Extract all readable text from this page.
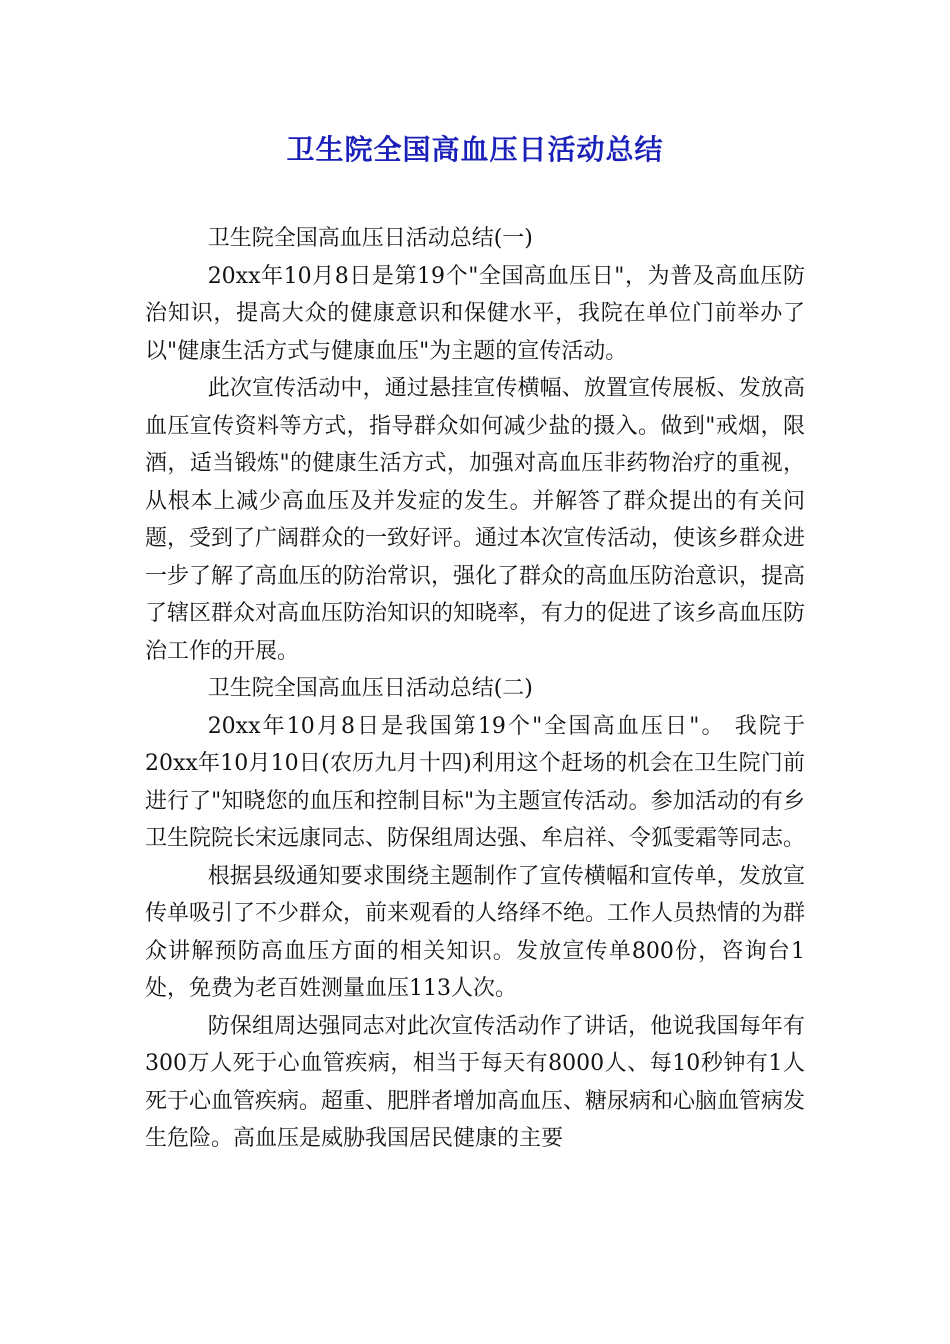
卫生院全国高血压日活动总结

卫生院全国高血压日活动总结(一)

20xx年10月8日是第19个"全国高血压日"，为普及高血压防治知识，提高大众的健康意识和保健水平，我院在单位门前举办了以"健康生活方式与健康血压"为主题的宣传活动。

此次宣传活动中，通过悬挂宣传横幅、放置宣传展板、发放高血压宣传资料等方式，指导群众如何减少盐的摄入。做到"戒烟，限酒，适当锻炼"的健康生活方式，加强对高血压非药物治疗的重视，从根本上减少高血压及并发症的发生。并解答了群众提出的有关问题，受到了广阔群众的一致好评。通过本次宣传活动，使该乡群众进一步了解了高血压的防治常识，强化了群众的高血压防治意识，提高了辖区群众对高血压防治知识的知晓率，有力的促进了该乡高血压防治工作的开展。

卫生院全国高血压日活动总结(二)

20xx年10月8日是我国第19个"全国高血压日"。 我院于20xx年10月10日(农历九月十四)利用这个赶场的机会在卫生院门前进行了"知晓您的血压和控制目标"为主题宣传活动。参加活动的有乡卫生院院长宋远康同志、防保组周达强、牟启祥、令狐雯霜等同志。

根据县级通知要求围绕主题制作了宣传横幅和宣传单，发放宣传单吸引了不少群众，前来观看的人络绎不绝。工作人员热情的为群众讲解预防高血压方面的相关知识。发放宣传单800份，咨询台1处，免费为老百姓测量血压113人次。

防保组周达强同志对此次宣传活动作了讲话，他说我国每年有300万人死于心血管疾病，相当于每天有8000人、每10秒钟有1人死于心血管疾病。超重、肥胖者增加高血压、糖尿病和心脑血管病发生危险。高血压是威胁我国居民健康的主要
